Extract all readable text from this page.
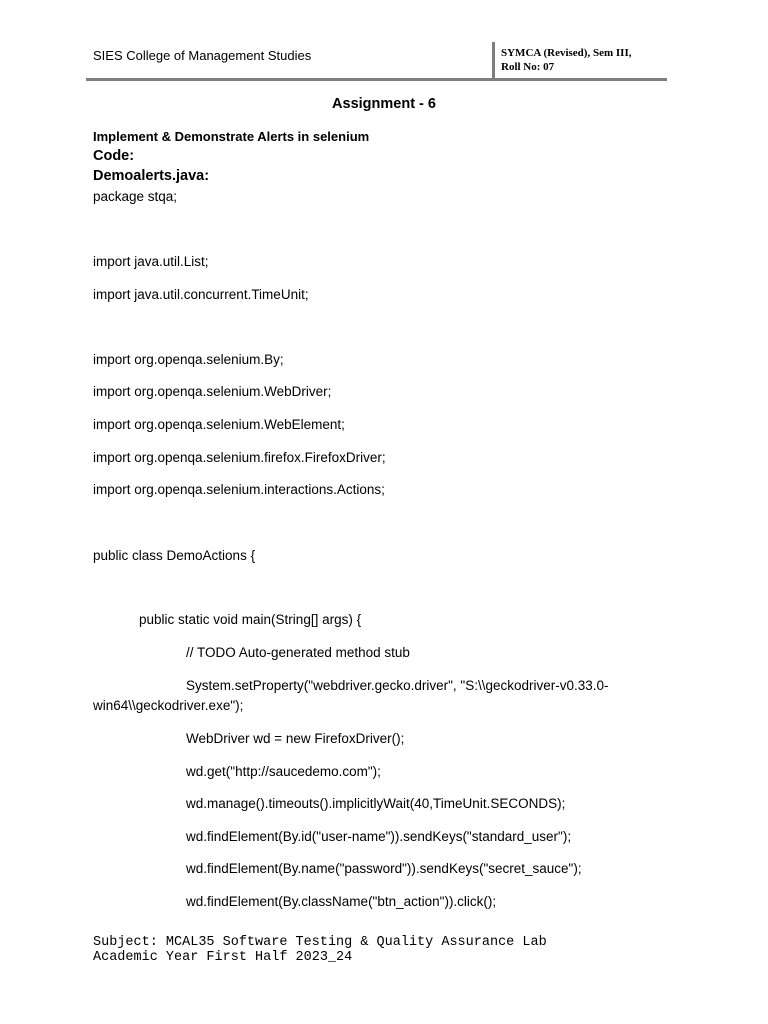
SIES College of Management Studies	SYMCA (Revised), Sem III,
Roll No: 07
Assignment - 6
Implement & Demonstrate Alerts in selenium
Code:
Demoalerts.java:
package stqa;
import java.util.List;
import java.util.concurrent.TimeUnit;
import org.openqa.selenium.By;
import org.openqa.selenium.WebDriver;
import org.openqa.selenium.WebElement;
import org.openqa.selenium.firefox.FirefoxDriver;
import org.openqa.selenium.interactions.Actions;
public class DemoActions {
public static void main(String[] args) {
// TODO Auto-generated method stub
System.setProperty("webdriver.gecko.driver", "S:\\geckodriver-v0.33.0-
win64\\geckodriver.exe");
WebDriver wd = new FirefoxDriver();
wd.get("http://saucedemo.com");
wd.manage().timeouts().implicitlyWait(40,TimeUnit.SECONDS);
wd.findElement(By.id("user-name")).sendKeys("standard_user");
wd.findElement(By.name("password")).sendKeys("secret_sauce");
wd.findElement(By.className("btn_action")).click();
Subject: MCAL35 Software Testing & Quality Assurance Lab
Academic Year First Half 2023_24
